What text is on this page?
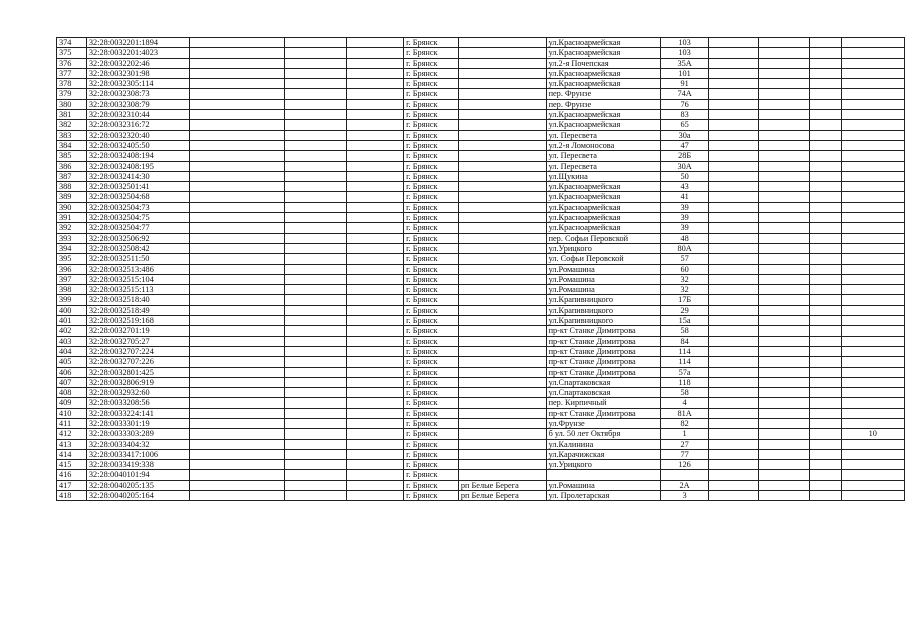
374	32:28:0032201:1894				г. Брянск		ул.Красноармейская	103				
375	32:28:0032201:4023				г. Брянск		ул.Красноармейская	103				
376	32:28:0032202:46				г. Брянск		ул.2-я Почепская	35А				
377	32:28:0032301:98				г. Брянск		ул.Красноармейская	101				
378	32:28:0032305:114				г. Брянск		ул.Красноармейская	91				
379	32:28:0032308:73				г. Брянск		пер. Фрунзе	74А				
380	32:28:0032308:79				г. Брянск		пер. Фрунзе	76				
381	32:28:0032310:44				г. Брянск		ул.Красноармейская	83				
382	32:28:0032316:72				г. Брянск		ул.Красноармейская	65				
383	32:28:0032320:40				г. Брянск		ул. Пересвета	30а				
384	32:28:0032405:50				г. Брянск		ул.2-я Ломоносова	47				
385	32:28:0032408:194				г. Брянск		ул. Пересвета	28Б				
386	32:28:0032408:195				г. Брянск		ул. Пересвета	30А				
387	32:28:0032414:30				г. Брянск		ул.Щукина	50				
388	32:28:0032501:41				г. Брянск		ул.Красноармейская	43				
389	32:28:0032504:68				г. Брянск		ул.Красноармейская	41				
390	32:28:0032504:73				г. Брянск		ул.Красноармейская	39				
391	32:28:0032504:75				г. Брянск		ул.Красноармейская	39				
392	32:28:0032504:77				г. Брянск		ул.Красноармейская	39				
393	32:28:0032506:92				г. Брянск		пер. Софьи Перовской	48				
394	32:28:0032508:42				г. Брянск		ул.Урицкого	80А				
395	32:28:0032511:50				г. Брянск		ул. Софьи Перовской	57				
396	32:28:0032513:486				г. Брянск		ул.Ромашина	60				
397	32:28:0032515:104				г. Брянск		ул.Ромашина	32				
398	32:28:0032515:113				г. Брянск		ул.Ромашина	32				
399	32:28:0032518:40				г. Брянск		ул.Крапивницкого	17Б				
400	32:28:0032518:49				г. Брянск		ул.Крапивницкого	29				
401	32:28:0032519:168				г. Брянск		ул.Крапивницкого	15а				
402	32:28:0032701:19				г. Брянск		пр-кт Станке Димитрова	58				
403	32:28:0032705:27				г. Брянск		пр-кт Станке Димитрова	84				
404	32:28:0032707:224				г. Брянск		пр-кт Станке Димитрова	114				
405	32:28:0032707:226				г. Брянск		пр-кт Станке Димитрова	114				
406	32:28:0032801:425				г. Брянск		пр-кт Станке Димитрова	57а				
407	32:28:0032806:919				г. Брянск		ул.Спартаковская	118				
408	32:28:0032932:60				г. Брянск		ул.Спартаковская	58				
409	32:28:0033208:56				г. Брянск		пер. Кирпичный	4				
410	32:28:0033224:141				г. Брянск		пр-кт Станке Димитрова	81А				
411	32:28:0033301:19				г. Брянск		ул.Фрунзе	82				
412	32:28:0033303:289				г. Брянск		б ул. 50 лет Октября	1				10
413	32:28:0033404:32				г. Брянск		ул.Калинина	27				
414	32:28:0033417:1006				г. Брянск		ул.Карачижская	77				
415	32:28:0033419:338				г. Брянск		ул.Урицкого	126				
416	32:28:0040101:94				г. Брянск							
417	32:28:0040205:135				г. Брянск	рп Белые Берега	ул.Ромашина	2А				
418	32:28:0040205:164				г. Брянск	рп Белые Берега	ул. Пролетарская	3				
